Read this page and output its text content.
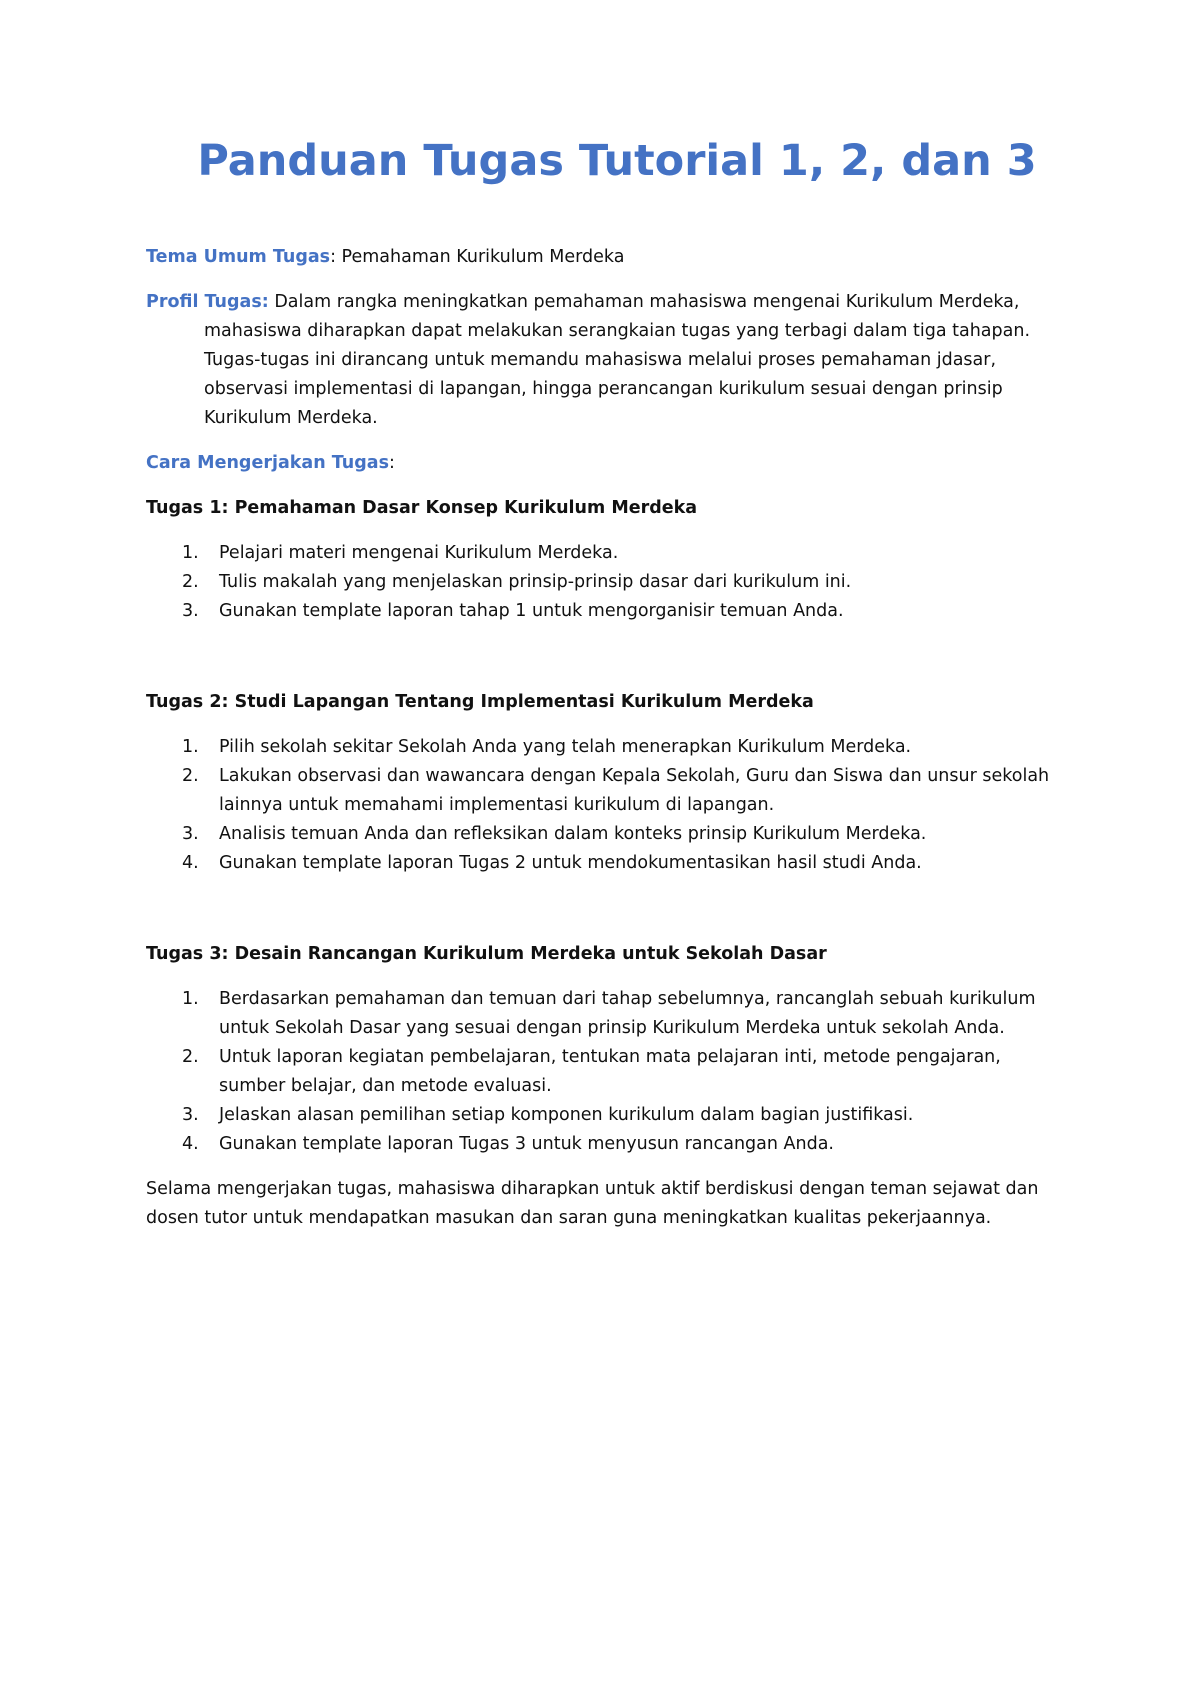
Panduan Tugas Tutorial 1, 2, dan 3

Tema Umum Tugas: Pemahaman Kurikulum Merdeka

Profil Tugas: Dalam rangka meningkatkan pemahaman mahasiswa mengenai Kurikulum Merdeka, mahasiswa diharapkan dapat melakukan serangkaian tugas yang terbagi dalam tiga tahapan. Tugas-tugas ini dirancang untuk memandu mahasiswa melalui proses pemahaman jdasar, observasi implementasi di lapangan, hingga perancangan kurikulum sesuai dengan prinsip Kurikulum Merdeka.

Cara Mengerjakan Tugas:

Tugas 1: Pemahaman Dasar Konsep Kurikulum Merdeka

1. Pelajari materi mengenai Kurikulum Merdeka.
2. Tulis makalah yang menjelaskan prinsip-prinsip dasar dari kurikulum ini.
3. Gunakan template laporan tahap 1 untuk mengorganisir temuan Anda.

Tugas 2: Studi Lapangan Tentang Implementasi Kurikulum Merdeka

1. Pilih sekolah sekitar Sekolah Anda yang telah menerapkan Kurikulum Merdeka.
2. Lakukan observasi dan wawancara dengan Kepala Sekolah, Guru dan Siswa dan unsur sekolah lainnya untuk memahami implementasi kurikulum di lapangan.
3. Analisis temuan Anda dan refleksikan dalam konteks prinsip Kurikulum Merdeka.
4. Gunakan template laporan Tugas 2 untuk mendokumentasikan hasil studi Anda.

Tugas 3: Desain Rancangan Kurikulum Merdeka untuk Sekolah Dasar

1. Berdasarkan pemahaman dan temuan dari tahap sebelumnya, rancanglah sebuah kurikulum untuk Sekolah Dasar yang sesuai dengan prinsip Kurikulum Merdeka untuk sekolah Anda.
2. Untuk laporan kegiatan pembelajaran, tentukan mata pelajaran inti, metode pengajaran, sumber belajar, dan metode evaluasi.
3. Jelaskan alasan pemilihan setiap komponen kurikulum dalam bagian justifikasi.
4. Gunakan template laporan Tugas 3 untuk menyusun rancangan Anda.

Selama mengerjakan tugas, mahasiswa diharapkan untuk aktif berdiskusi dengan teman sejawat dan dosen tutor untuk mendapatkan masukan dan saran guna meningkatkan kualitas pekerjaannya.
